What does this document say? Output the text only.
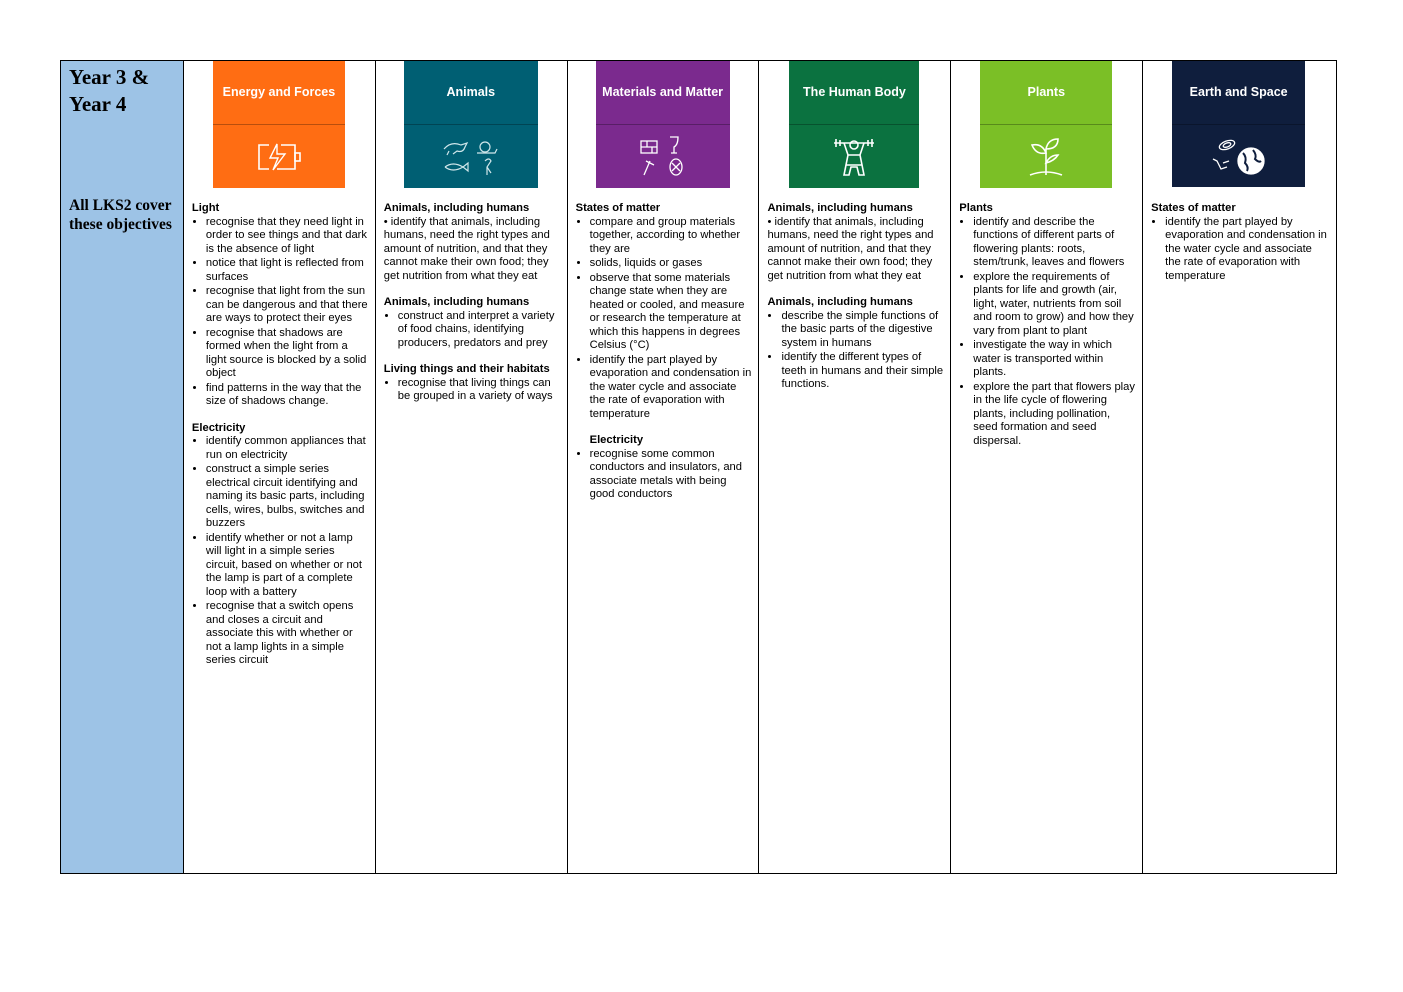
Year 3 &
Year 4

All LKS2 cover these objectives
Energy and Forces

Light

• recognise that they need light in order to see things and that dark is the absence of light
• notice that light is reflected from surfaces
• recognise that light from the sun can be dangerous and that there are ways to protect their eyes
• recognise that shadows are formed when the light from a light source is blocked by a solid object
• find patterns in the way that the size of shadows change.

Electricity

• identify common appliances that run on electricity
• construct a simple series electrical circuit identifying and naming its basic parts, including cells, wires, bulbs, switches and buzzers
• identify whether or not a lamp will light in a simple series circuit, based on whether or not the lamp is part of a complete loop with a battery
• recognise that a switch opens and closes a circuit and associate this with whether or not a lamp lights in a simple series circuit
Animals

Animals, including humans

• identify that animals, including humans, need the right types and amount of nutrition, and that they cannot make their own food; they get nutrition from what they eat

Animals, including humans

• construct and interpret a variety of food chains, identifying producers, predators and prey

Living things and their habitats

• recognise that living things can be grouped in a variety of ways
Materials and Matter

States of matter

• compare and group materials together, according to whether they are
• solids, liquids or gases
• observe that some materials change state when they are heated or cooled, and measure or research the temperature at which this happens in degrees Celsius (°C)
• identify the part played by evaporation and condensation in the water cycle and associate the rate of evaporation with temperature

Electricity

• recognise some common conductors and insulators, and associate metals with being good conductors
The Human Body

Animals, including humans

• identify that animals, including humans, need the right types and amount of nutrition, and that they cannot make their own food; they get nutrition from what they eat

Animals, including humans

• describe the simple functions of the basic parts of the digestive system in humans
• identify the different types of teeth in humans and their simple functions.
Plants

Plants

• identify and describe the functions of different parts of flowering plants: roots, stem/trunk, leaves and flowers
• explore the requirements of plants for life and growth (air, light, water, nutrients from soil and room to grow) and how they vary from plant to plant
• investigate the way in which water is transported within plants.
• explore the part that flowers play in the life cycle of flowering plants, including pollination, seed formation and seed dispersal.
Earth and Space

States of matter

• identify the part played by evaporation and condensation in the water cycle and associate the rate of evaporation with temperature
